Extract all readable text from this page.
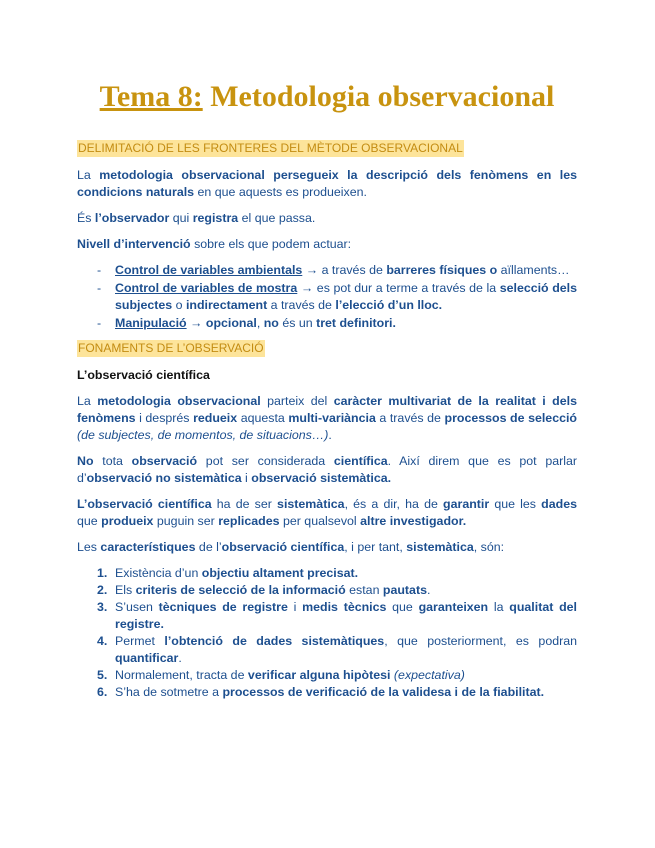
Tema 8: Metodologia observacional
DELIMITACIÓ DE LES FRONTERES DEL MÈTODE OBSERVACIONAL

La metodologia observacional persegueix la descripció dels fenòmens en les condicions naturals en que aquests es produeixen.

És l’observador qui registra el que passa.

Nivell d’intervenció sobre els que podem actuar:

- Control de variables ambientals → a través de barreres físiques o aïllaments…
- Control de variables de mostra → es pot dur a terme a través de la selecció dels subjectes o indirectament a través de l’elecció d’un lloc.
- Manipulació → opcional, no és un tret definitori.
FONAMENTS DE L’OBSERVACIÓ
L’observació científica

La metodologia observacional parteix del caràcter multivariat de la realitat i dels fenòmens i després redueix aquesta multi-variància a través de processos de selecció (de subjectes, de momentos, de situacions…).

No tota observació pot ser considerada científica. Així direm que es pot parlar d’observació no sistemàtica i observació sistemàtica.

L’observació científica ha de ser sistemàtica, és a dir, ha de garantir que les dades que produeix puguin ser replicades per qualsevol altre investigador.

Les característiques de l’observació científica, i per tant, sistemàtica, són:

1. Existència d’un objectiu altament precisat.
2. Els criteris de selecció de la informació estan pautats.
3. S’usen tècniques de registre i medis tècnics que garanteixen la qualitat del registre.
4. Permet l’obtenció de dades sistemàtiques, que posteriorment, es podran quantificar.
5. Normalement, tracta de verificar alguna hipòtesi (expectativa)
6. S’ha de sotmetre a processos de verificació de la validesa i de la fiabilitat.
